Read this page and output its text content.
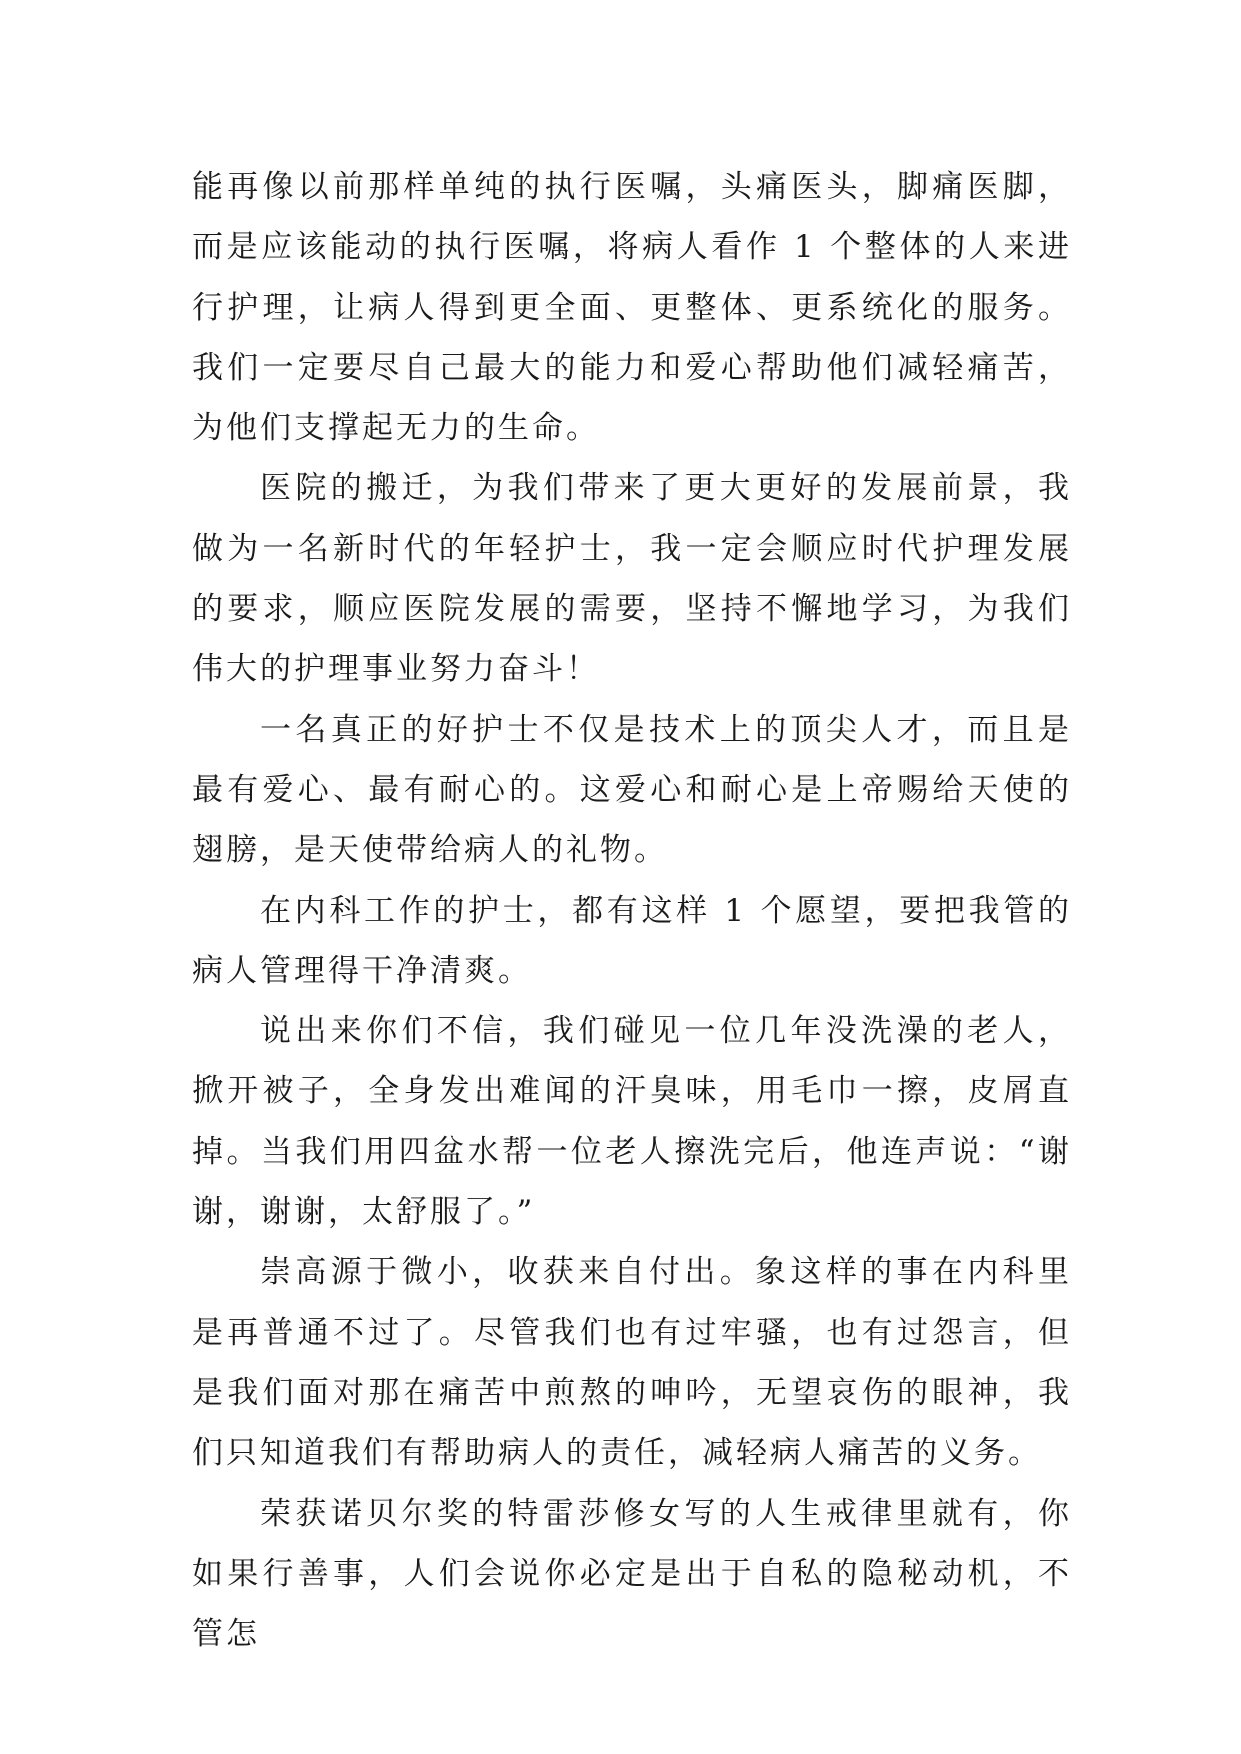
能再像以前那样单纯的执行医嘱，头痛医头，脚痛医脚，而是应该能动的执行医嘱，将病人看作 1 个整体的人来进行护理，让病人得到更全面、更整体、更系统化的服务。我们一定要尽自己最大的能力和爱心帮助他们减轻痛苦，为他们支撑起无力的生命。

医院的搬迁，为我们带来了更大更好的发展前景，我做为一名新时代的年轻护士，我一定会顺应时代护理发展的要求，顺应医院发展的需要，坚持不懈地学习，为我们伟大的护理事业努力奋斗！

一名真正的好护士不仅是技术上的顶尖人才，而且是最有爱心、最有耐心的。这爱心和耐心是上帝赐给天使的翅膀，是天使带给病人的礼物。

在内科工作的护士，都有这样 1 个愿望，要把我管的病人管理得干净清爽。

说出来你们不信，我们碰见一位几年没洗澡的老人，掀开被子，全身发出难闻的汗臭味，用毛巾一擦，皮屑直掉。当我们用四盆水帮一位老人擦洗完后，他连声说：“谢谢，谢谢，太舒服了。”

崇高源于微小，收获来自付出。象这样的事在内科里是再普通不过了。尽管我们也有过牢骚，也有过怨言，但是我们面对那在痛苦中煎熬的呻吟，无望哀伤的眼神，我们只知道我们有帮助病人的责任，减轻病人痛苦的义务。

荣获诺贝尔奖的特雷莎修女写的人生戒律里就有，你如果行善事，人们会说你必定是出于自私的隐秘动机，不管怎
